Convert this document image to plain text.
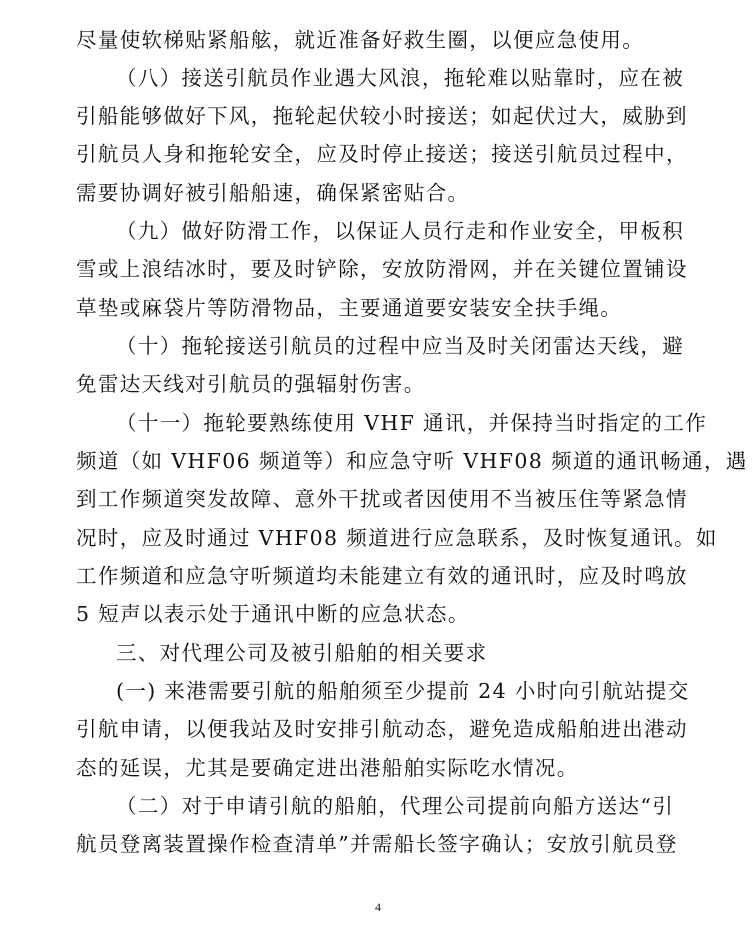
尽量使软梯贴紧船舷，就近准备好救生圈，以便应急使用。
（八）接送引航员作业遇大风浪，拖轮难以贴靠时，应在被
引船能够做好下风，拖轮起伏较小时接送；如起伏过大，威胁到
引航员人身和拖轮安全，应及时停止接送；接送引航员过程中，
需要协调好被引船船速，确保紧密贴合。
（九）做好防滑工作，以保证人员行走和作业安全，甲板积
雪或上浪结冰时，要及时铲除，安放防滑网，并在关键位置铺设
草垫或麻袋片等防滑物品，主要通道要安装安全扶手绳。
（十）拖轮接送引航员的过程中应当及时关闭雷达天线，避
免雷达天线对引航员的强辐射伤害。
（十一）拖轮要熟练使用 VHF 通讯，并保持当时指定的工作
频道（如 VHF06 频道等）和应急守听 VHF08 频道的通讯畅通，遇
到工作频道突发故障、意外干扰或者因使用不当被压住等紧急情
况时，应及时通过 VHF08 频道进行应急联系，及时恢复通讯。如
工作频道和应急守听频道均未能建立有效的通讯时，应及时鸣放
5 短声以表示处于通讯中断的应急状态。
三、对代理公司及被引船舶的相关要求
(一) 来港需要引航的船舶须至少提前 24 小时向引航站提交
引航申请，以便我站及时安排引航动态，避免造成船舶进出港动
态的延误，尤其是要确定进出港船舶实际吃水情况。
（二）对于申请引航的船舶，代理公司提前向船方送达“引
航员登离装置操作检查清单”并需船长签字确认；安放引航员登
4
